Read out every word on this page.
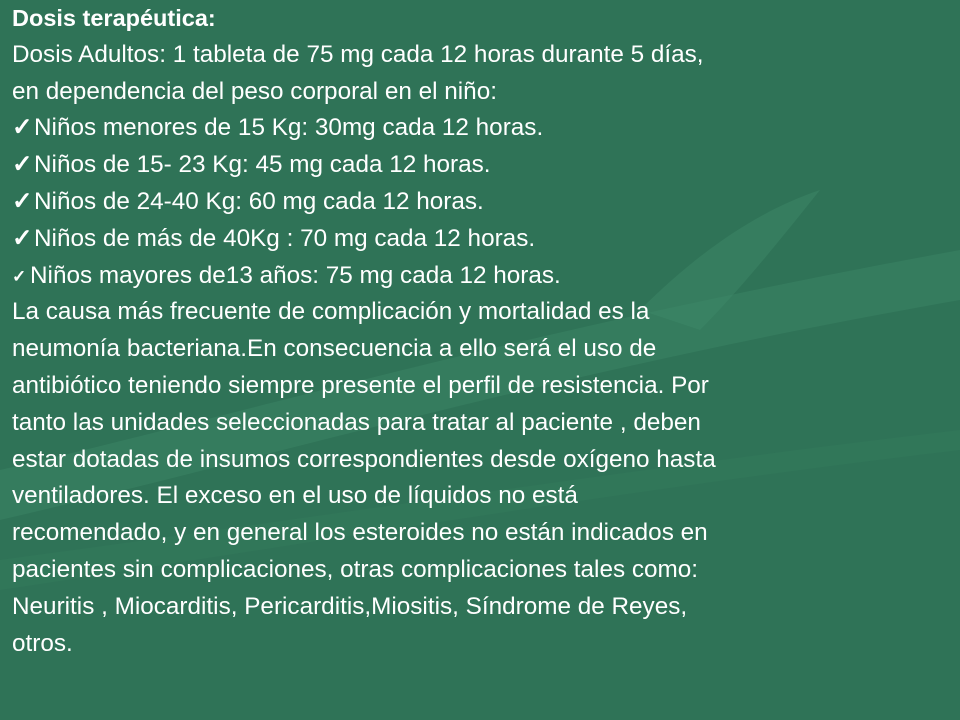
Dosis terapéutica:
Dosis Adultos: 1 tableta de 75 mg cada 12 horas durante 5 días,
en dependencia del peso corporal en el niño:
✓Niños menores de 15 Kg: 30mg cada 12 horas.
✓Niños de 15- 23 Kg: 45 mg cada 12 horas.
✓Niños de 24-40 Kg: 60 mg cada 12 horas.
✓Niños de más de 40Kg : 70 mg cada 12 horas.
✓ Niños mayores de13 años: 75 mg cada 12 horas.
La causa más frecuente de complicación y mortalidad es la
neumonía bacteriana.En consecuencia a ello será el uso de
antibiótico teniendo siempre presente el perfil de resistencia. Por
tanto las unidades seleccionadas para tratar al paciente , deben
estar dotadas de insumos correspondientes desde oxígeno hasta
ventiladores. El exceso en el uso de líquidos no está
recomendado, y en general los esteroides no están indicados en
pacientes sin complicaciones, otras complicaciones tales como:
Neuritis , Miocarditis, Pericarditis,Miositis, Síndrome de Reyes,
otros.
